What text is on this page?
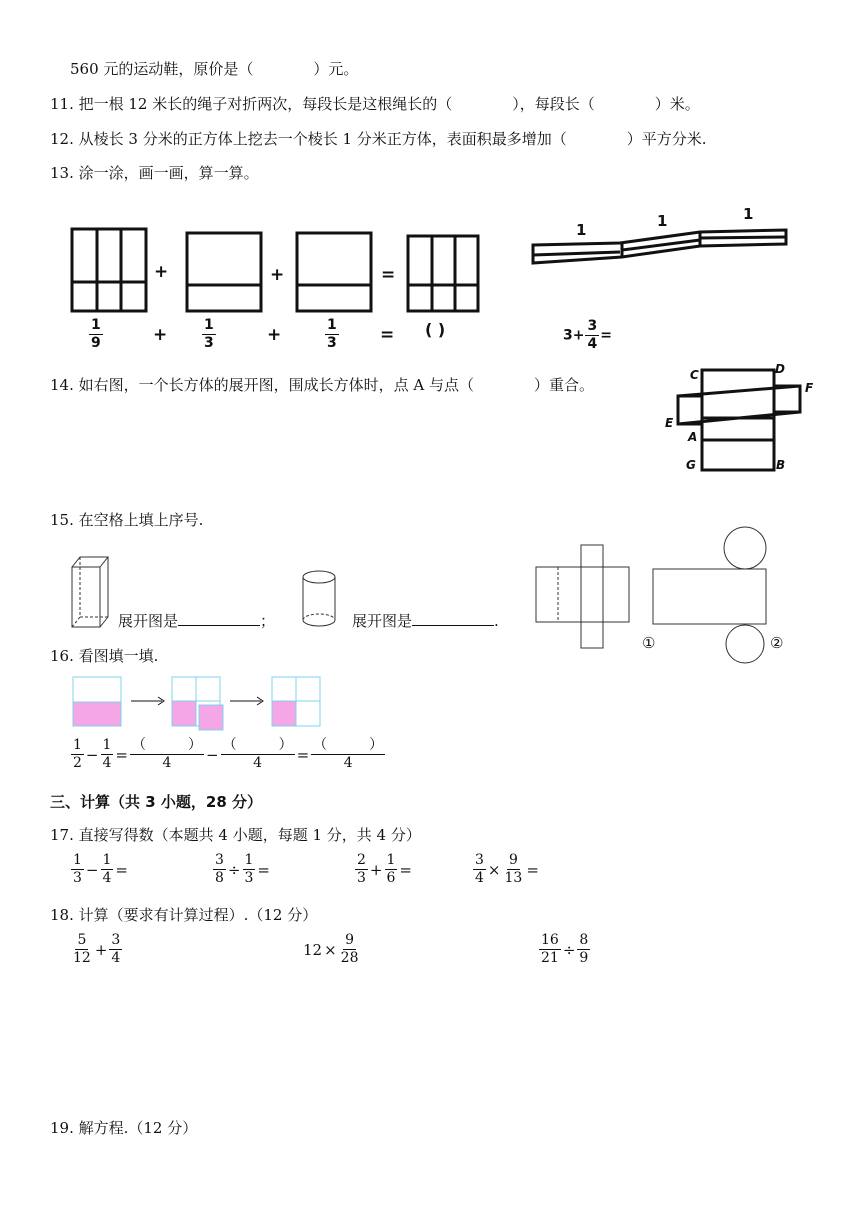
560 元的运动鞋，原价是（　　　　）元。
11. 把一根 12 米长的绳子对折两次，每段长是这根绳长的（　　　　），每段长（　　　　）米。
12. 从棱长 3 分米的正方体上挖去一个棱长 1 分米正方体，表面积最多增加（　　　　）平方分米.
13. 涂一涂，画一画，算一算。
+	+	=
$\frac{1}{9}$	+ $\frac{1}{3}$	+	$\frac{1}{3}$ = ( )
1	1	1
$3+ \frac{3}{4}$ =
14. 如右图，一个长方体的展开图，围成长方体时，点 A 与点（　　　　）重合。
C	D
F
E
A
G	B
15. 在空格上填上序号.
展开图是	；	展开图是	.
①	②
16. 看图填一填.
$\frac{1}{2} - \frac{1}{4} = \frac{( )}{4} - \frac{( )}{4} = \frac{( )}{4}$
三、计算（共 3 小题，28 分）
17. 直接写得数（本题共 4 小题，每题 1 分，共 4 分）
$\frac{1}{3} - \frac{1}{4}$ =	$\frac{3}{8} \div \frac{1}{3}$ =	$\frac{2}{3} + \frac{1}{6}$ =	$\frac{3}{4} \times \frac{9}{13}$ =
18. 计算（要求有计算过程）.（12 分）
$\frac{5}{12} + \frac{3}{4}$	$12 \times \frac{9}{28}$	$\frac{16}{21} \div \frac{8}{9}$
19. 解方程.（12 分）
